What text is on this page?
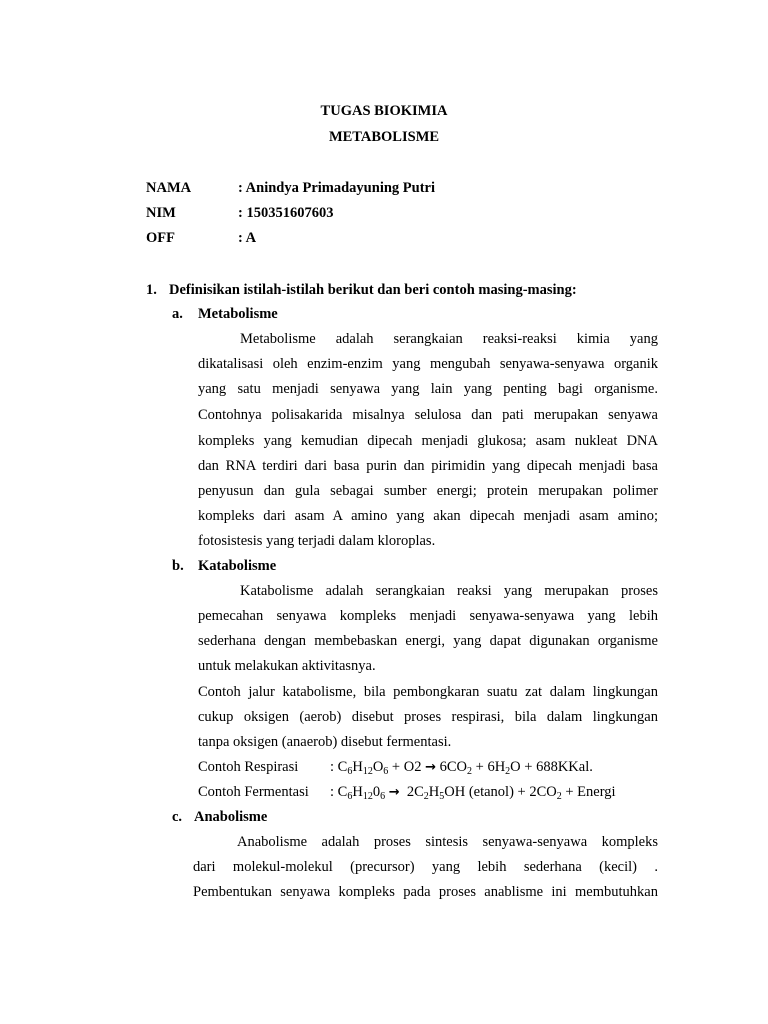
TUGAS BIOKIMIA
METABOLISME
NAMA	: Anindya Primadayuning Putri
NIM	: 150351607603
OFF	: A
1. Definisikan istilah-istilah berikut dan beri contoh masing-masing:
a. Metabolisme
Metabolisme adalah serangkaian reaksi-reaksi kimia yang
dikatalisasi oleh enzim-enzim yang mengubah senyawa-senyawa organik
yang satu menjadi senyawa yang lain yang penting bagi organisme.
Contohnya polisakarida misalnya selulosa dan pati merupakan senyawa
kompleks yang kemudian dipecah menjadi glukosa; asam nukleat DNA
dan RNA terdiri dari basa purin dan pirimidin yang dipecah menjadi basa
penyusun dan gula sebagai sumber energi; protein merupakan polimer
kompleks dari asam A amino yang akan dipecah menjadi asam amino;
fotosistesis yang terjadi dalam kloroplas.
b. Katabolisme
Katabolisme adalah serangkaian reaksi yang merupakan proses
pemecahan senyawa kompleks menjadi senyawa-senyawa yang lebih
sederhana dengan membebaskan energi, yang dapat digunakan organisme
untuk melakukan aktivitasnya.
Contoh jalur katabolisme, bila pembongkaran suatu zat dalam lingkungan
cukup oksigen (aerob) disebut proses respirasi, bila dalam lingkungan
tanpa oksigen (anaerob) disebut fermentasi.
Contoh Respirasi : $C_6H_{12}O_6 + O2 \to 6CO_2 + 6H_2O$ + 688KKal.
Contoh Fermentasi : $C_6H_{12}0_6 \to 2C_2H_5OH$ (etanol) + $2CO_2$ + Energi
c. Anabolisme
Anabolisme adalah proses sintesis senyawa-senyawa kompleks
dari molekul-molekul (precursor) yang lebih sederhana (kecil) .
Pembentukan senyawa kompleks pada proses anablisme ini membutuhkan
